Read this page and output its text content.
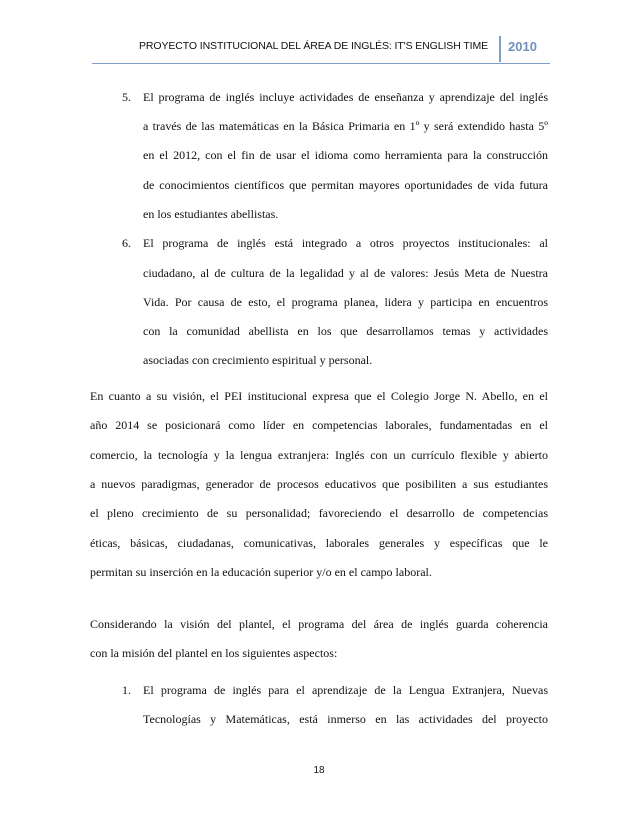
PROYECTO INSTITUCIONAL DEL ÁREA DE INGLÉS: IT'S ENGLISH TIME 2010
5. El programa de inglés incluye actividades de enseñanza y aprendizaje del inglés
a través de las matemáticas en la Básica Primaria en 1º y será extendido hasta 5º
en el 2012, con el fin de usar el idioma como herramienta para la construcción
de conocimientos científicos que permitan mayores oportunidades de vida futura
en los estudiantes abellistas.
6. El programa de inglés está integrado a otros proyectos institucionales: al
ciudadano, al de cultura de la legalidad y al de valores: Jesús Meta de Nuestra
Vida. Por causa de esto, el programa planea, lidera y participa en encuentros
con la comunidad abellista en los que desarrollamos temas y actividades
asociadas con crecimiento espiritual y personal.
En cuanto a su visión, el PEI institucional expresa que el Colegio Jorge N. Abello, en el
año 2014 se posicionará como líder en competencias laborales, fundamentadas en el
comercio, la tecnología y la lengua extranjera: Inglés con un currículo flexible y abierto
a nuevos paradigmas, generador de procesos educativos que posibiliten a sus estudiantes
el pleno crecimiento de su personalidad; favoreciendo el desarrollo de competencias
éticas, básicas, ciudadanas, comunicativas, laborales generales y específicas que le
permitan su inserción en la educación superior y/o en el campo laboral.
Considerando la visión del plantel, el programa del área de inglés guarda coherencia
con la misión del plantel en los siguientes aspectos:
1. El programa de inglés para el aprendizaje de la Lengua Extranjera, Nuevas
Tecnologías y Matemáticas, está inmerso en las actividades del proyecto
18
